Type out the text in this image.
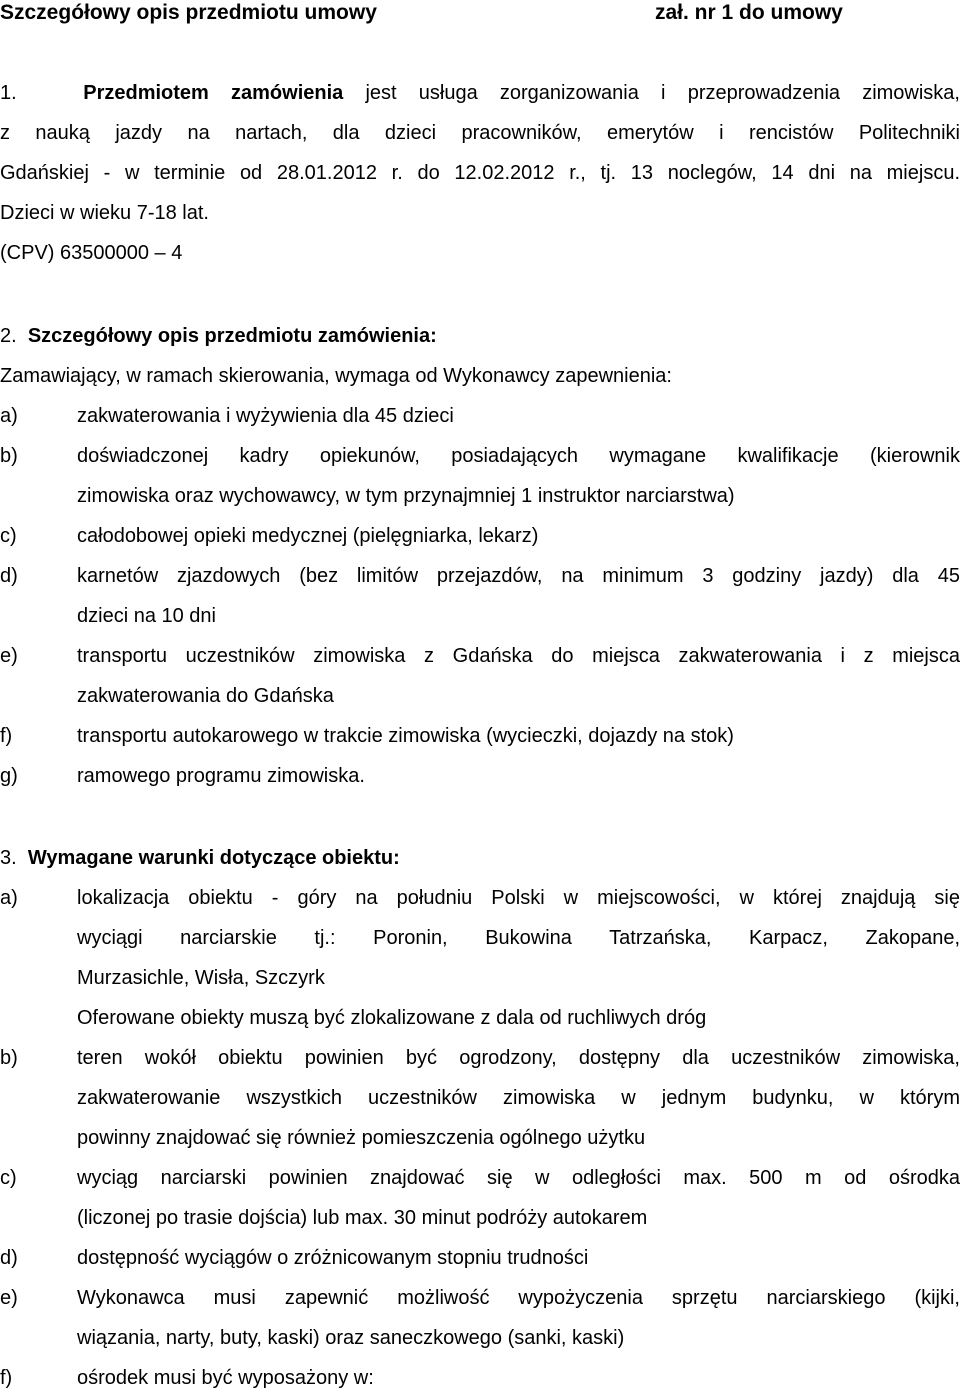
Szczegółowy opis przedmiotu umowy	zał. nr 1 do umowy
1.	Przedmiotem zamówienia jest usługa zorganizowania i przeprowadzenia zimowiska,
z nauką jazdy na nartach, dla dzieci pracowników, emerytów i rencistów Politechniki
Gdańskiej - w terminie od 28.01.2012 r. do 12.02.2012 r., tj. 13 noclegów, 14 dni na miejscu.
Dzieci w wieku 7-18 lat.
(CPV) 63500000 – 4
2. Szczegółowy opis przedmiotu zamówienia:
Zamawiający, w ramach skierowania, wymaga od Wykonawcy zapewnienia:
a)	zakwaterowania i wyżywienia dla 45 dzieci
b)	doświadczonej kadry opiekunów, posiadających wymagane kwalifikacje (kierownik
zimowiska oraz wychowawcy, w tym przynajmniej 1 instruktor narciarstwa)
c)	całodobowej opieki medycznej (pielęgniarka, lekarz)
d)	karnetów zjazdowych (bez limitów przejazdów, na minimum 3 godziny jazdy) dla 45
dzieci na 10 dni
e)	transportu uczestników zimowiska z Gdańska do miejsca zakwaterowania i z miejsca
zakwaterowania do Gdańska
f)	transportu autokarowego w trakcie zimowiska (wycieczki, dojazdy na stok)
g)	ramowego programu zimowiska.
3. Wymagane warunki dotyczące obiektu:
a)	lokalizacja obiektu - góry na południu Polski w miejscowości, w której znajdują się
wyciągi narciarskie tj.: Poronin, Bukowina Tatrzańska, Karpacz, Zakopane,
Murzasichle, Wisła, Szczyrk
Oferowane obiekty muszą być zlokalizowane z dala od ruchliwych dróg
b)	teren wokół obiektu powinien być ogrodzony, dostępny dla uczestników zimowiska,
zakwaterowanie wszystkich uczestników zimowiska w jednym budynku, w którym
powinny znajdować się również pomieszczenia ogólnego użytku
c)	wyciąg narciarski powinien znajdować się w odległości max. 500 m od ośrodka
(liczonej po trasie dojścia) lub max. 30 minut podróży autokarem
d)	dostępność wyciągów o zróżnicowanym stopniu trudności
e)	Wykonawca musi zapewnić możliwość wypożyczenia sprzętu narciarskiego (kijki,
wiązania, narty, buty, kaski) oraz saneczkowego (sanki, kaski)
f)	ośrodek musi być wyposażony w:
